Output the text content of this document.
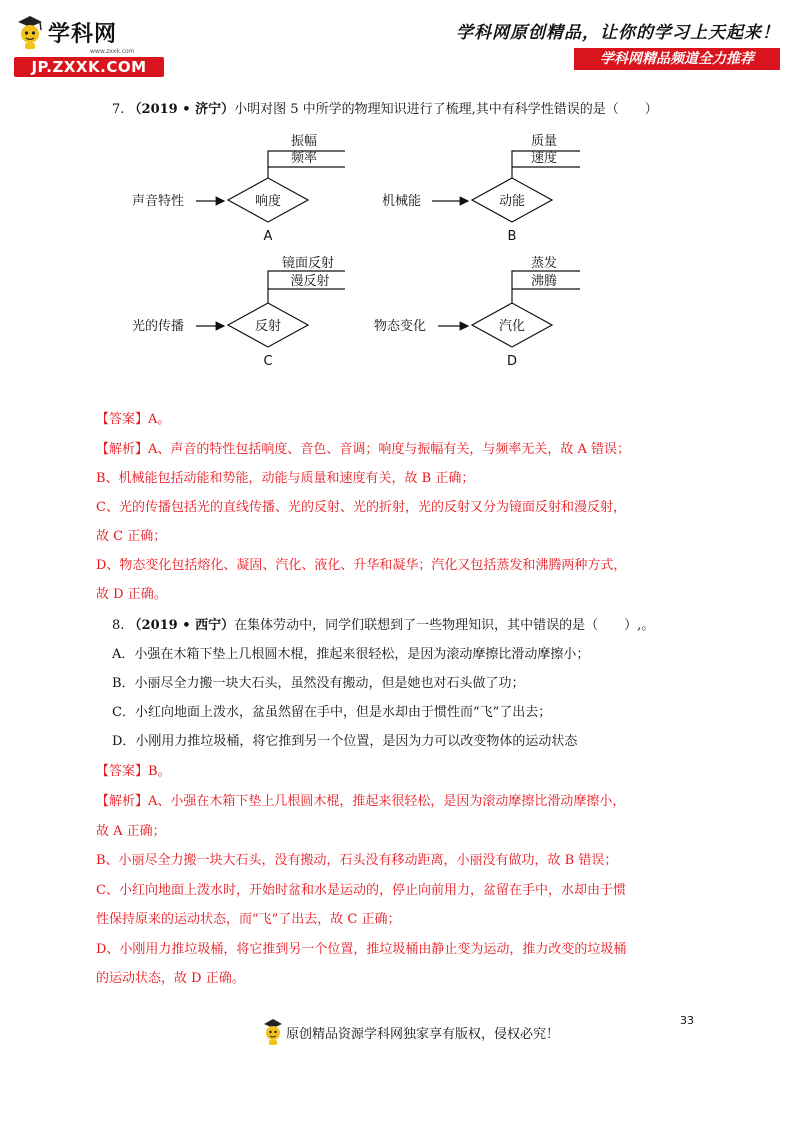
学科网
www.zxxk.com
JP.ZXXK.COM
学科网原创精品，让你的学习上天起来！
学科网精品频道全力推荐
7. （2019 • 济宁）小明对图 5 中所学的物理知识进行了梳理,其中有科学性错误的是（　　）
声音特性	响度
振幅
频率
A
机械能	动能
质量
速度
B
光的传播	反射
镜面反射
漫反射
C
物态变化	汽化
蒸发
沸腾
D
【答案】A。
【解析】A、声音的特性包括响度、音色、音调；响度与振幅有关，与频率无关，故 A 错误；
B、机械能包括动能和势能，动能与质量和速度有关，故 B 正确；
C、光的传播包括光的直线传播、光的反射、光的折射，光的反射又分为镜面反射和漫反射，
故 C 正确；
D、物态变化包括熔化、凝固、汽化、液化、升华和凝华；汽化又包括蒸发和沸腾两种方式，
故 D 正确。
8. （2019 • 西宁）在集体劳动中，同学们联想到了一些物理知识，其中错误的是（　　）,。
A．小强在木箱下垫上几根圆木棍，推起来很轻松，是因为滚动摩擦比滑动摩擦小；
B．小丽尽全力搬一块大石头，虽然没有搬动，但是她也对石头做了功；
C．小红向地面上泼水，盆虽然留在手中，但是水却由于惯性而“飞”了出去；
D．小刚用力推垃圾桶，将它推到另一个位置，是因为力可以改变物体的运动状态
【答案】B。
【解析】A、小强在木箱下垫上几根圆木棍，推起来很轻松，是因为滚动摩擦比滑动摩擦小，
故 A 正确；
B、小丽尽全力搬一块大石头，没有搬动，石头没有移动距离，小丽没有做功，故 B 错误；
C、小红向地面上泼水时，开始时盆和水是运动的，停止向前用力，盆留在手中，水却由于惯
性保持原来的运动状态，而“飞”了出去，故 C 正确；
D、小刚用力推垃圾桶，将它推到另一个位置，推垃圾桶由静止变为运动，推力改变的垃圾桶
的运动状态，故 D 正确。
33
原创精品资源学科网独家享有版权，侵权必究！
